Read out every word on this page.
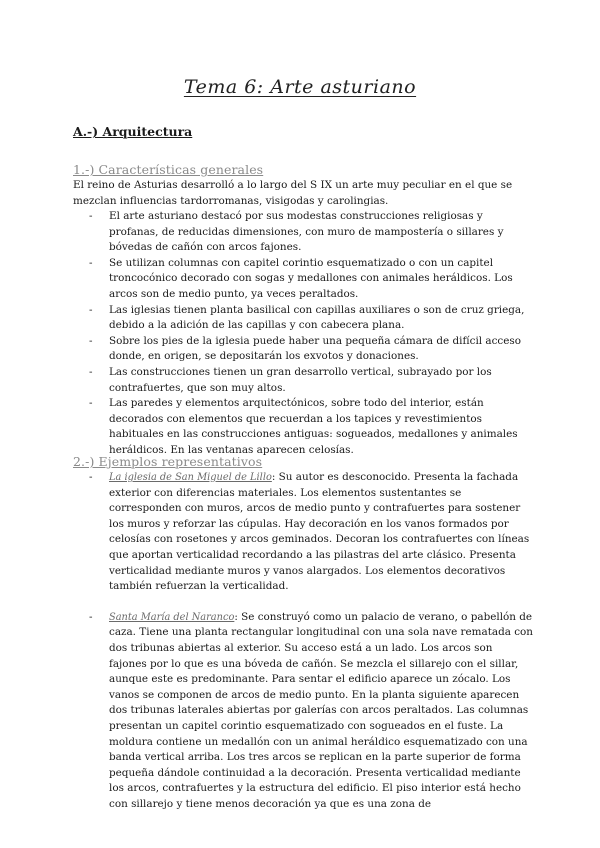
Tema 6: Arte asturiano
A.-) Arquitectura
1.-) Características generales

El reino de Asturias desarrolló a lo largo del S IX un arte muy peculiar en el que se mezclan influencias tardorromanas, visigodas y carolingias.

- El arte asturiano destacó por sus modestas construcciones religiosas y profanas, de reducidas dimensiones, con muro de mampostería o sillares y bóvedas de cañón con arcos fajones.
- Se utilizan columnas con capitel corintio esquematizado o con un capitel troncocónico decorado con sogas y medallones con animales heráldicos. Los arcos son de medio punto, ya veces peraltados.
- Las iglesias tienen planta basilical con capillas auxiliares o son de cruz griega, debido a la adición de las capillas y con cabecera plana.
- Sobre los pies de la iglesia puede haber una pequeña cámara de difícil acceso donde, en origen, se depositarán los exvotos y donaciones.
- Las construcciones tienen un gran desarrollo vertical, subrayado por los contrafuertes, que son muy altos.
- Las paredes y elementos arquitectónicos, sobre todo del interior, están decorados con elementos que recuerdan a los tapices y revestimientos habituales en las construcciones antiguas: sogueados, medallones y animales heráldicos. En las ventanas aparecen celosías.
2.-) Ejemplos representativos
- La iglesia de San Miguel de Lillo: Su autor es desconocido. Presenta la fachada exterior con diferencias materiales. Los elementos sustentantes se corresponden con muros, arcos de medio punto y contrafuertes para sostener los muros y reforzar las cúpulas. Hay decoración en los vanos formados por celosías con rosetones y arcos geminados. Decoran los contrafuertes con líneas que aportan verticalidad recordando a las pilastras del arte clásico. Presenta verticalidad mediante muros y vanos alargados. Los elementos decorativos también refuerzan la verticalidad.
- Santa María del Naranco: Se construyó como un palacio de verano, o pabellón de caza. Tiene una planta rectangular longitudinal con una sola nave rematada con dos tribunas abiertas al exterior. Su acceso está a un lado. Los arcos son fajones por lo que es una bóveda de cañón. Se mezcla el sillarejo con el sillar, aunque este es predominante. Para sentar el edificio aparece un zócalo. Los vanos se componen de arcos de medio punto. En la planta siguiente aparecen dos tribunas laterales abiertas por galerías con arcos peraltados. Las columnas presentan un capitel corintio esquematizado con sogueados en el fuste. La moldura contiene un medallón con un animal heráldico esquematizado con una banda vertical arriba. Los tres arcos se replican en la parte superior de forma pequeña dándole continuidad a la decoración. Presenta verticalidad mediante los arcos, contrafuertes y la estructura del edificio. El piso interior está hecho con sillarejo y tiene menos decoración ya que es una zona de
